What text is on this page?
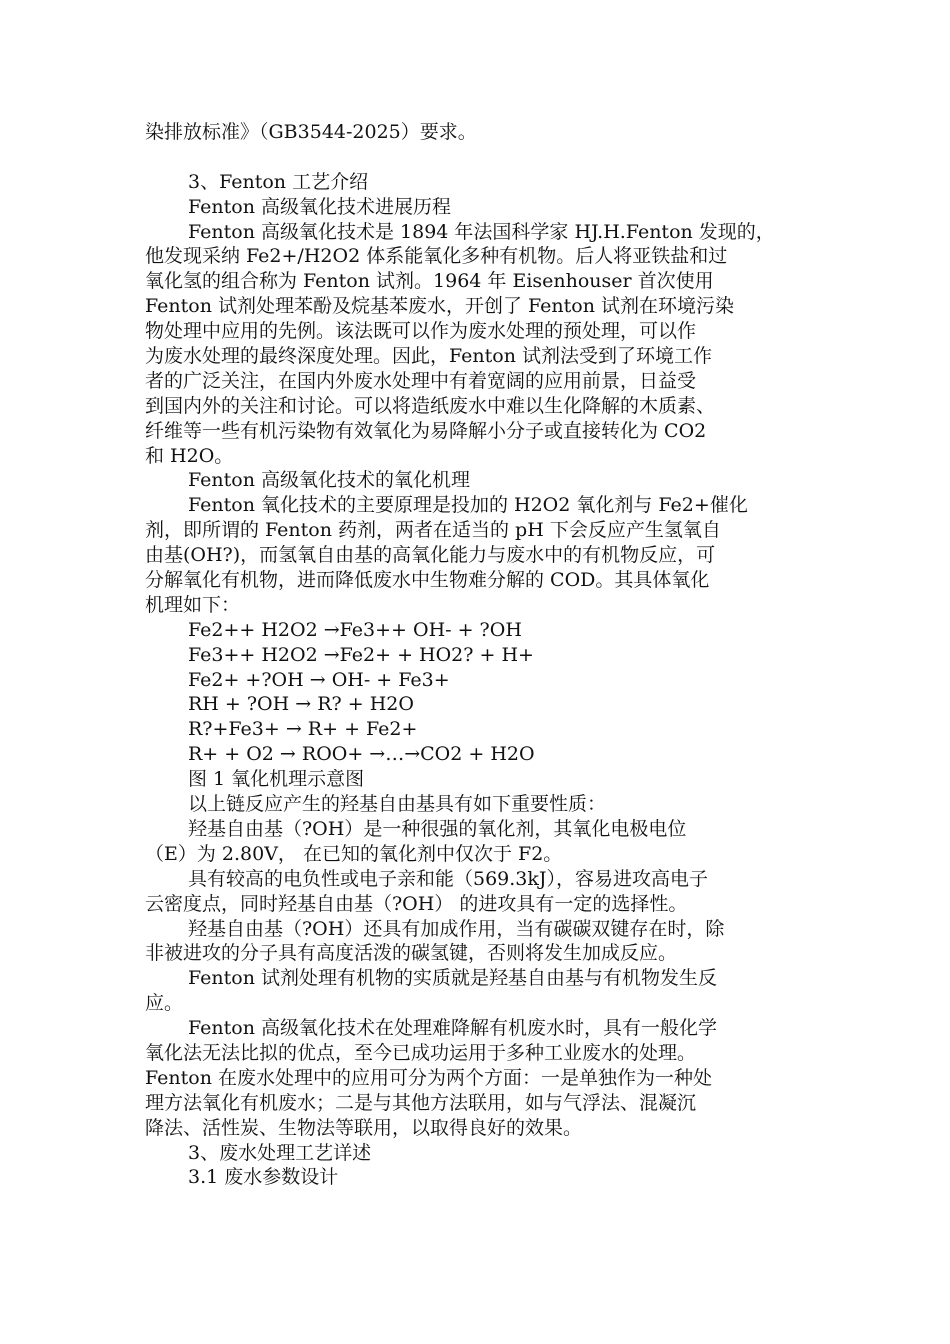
染排放标准》（GB3544-2025）要求。
3、Fenton 工艺介绍
Fenton 高级氧化技术进展历程
Fenton 高级氧化技术是 1894 年法国科学家 HJ.H.Fenton 发现的，
他发现采纳 Fe2+/H2O2 体系能氧化多种有机物。后人将亚铁盐和过
氧化氢的组合称为 Fenton 试剂。1964 年 Eisenhouser 首次使用
Fenton 试剂处理苯酚及烷基苯废水，开创了 Fenton 试剂在环境污染
物处理中应用的先例。该法既可以作为废水处理的预处理，可以作
为废水处理的最终深度处理。因此，Fenton 试剂法受到了环境工作
者的广泛关注，在国内外废水处理中有着宽阔的应用前景，日益受
到国内外的关注和讨论。可以将造纸废水中难以生化降解的木质素、
纤维等一些有机污染物有效氧化为易降解小分子或直接转化为 CO2
和 H2O。
Fenton 高级氧化技术的氧化机理
Fenton 氧化技术的主要原理是投加的 H2O2 氧化剂与 Fe2+催化
剂，即所谓的 Fenton 药剂，两者在适当的 pH 下会反应产生氢氧自
由基(OH?)，而氢氧自由基的高氧化能力与废水中的有机物反应，可
分解氧化有机物，进而降低废水中生物难分解的 COD。其具体氧化
机理如下：
Fe2++ H2O2 →Fe3++ OH- + ?OH
Fe3++ H2O2 →Fe2+ + HO2? + H+
Fe2+ +?OH → OH- + Fe3+
RH + ?OH → R? + H2O
R?+Fe3+ → R+ + Fe2+
R+ + O2 → ROO+ →…→CO2 + H2O
图 1 氧化机理示意图
以上链反应产生的羟基自由基具有如下重要性质：
羟基自由基（?OH）是一种很强的氧化剂，其氧化电极电位
（E）为 2.80V， 在已知的氧化剂中仅次于 F2。
具有较高的电负性或电子亲和能（569.3kJ），容易进攻高电子
云密度点，同时羟基自由基（?OH） 的进攻具有一定的选择性。
羟基自由基（?OH）还具有加成作用，当有碳碳双键存在时，除
非被进攻的分子具有高度活泼的碳氢键，否则将发生加成反应。
Fenton 试剂处理有机物的实质就是羟基自由基与有机物发生反
应。
Fenton 高级氧化技术在处理难降解有机废水时，具有一般化学
氧化法无法比拟的优点，至今已成功运用于多种工业废水的处理。
Fenton 在废水处理中的应用可分为两个方面：一是单独作为一种处
理方法氧化有机废水；二是与其他方法联用，如与气浮法、混凝沉
降法、活性炭、生物法等联用，以取得良好的效果。
3、废水处理工艺详述
3.1 废水参数设计
